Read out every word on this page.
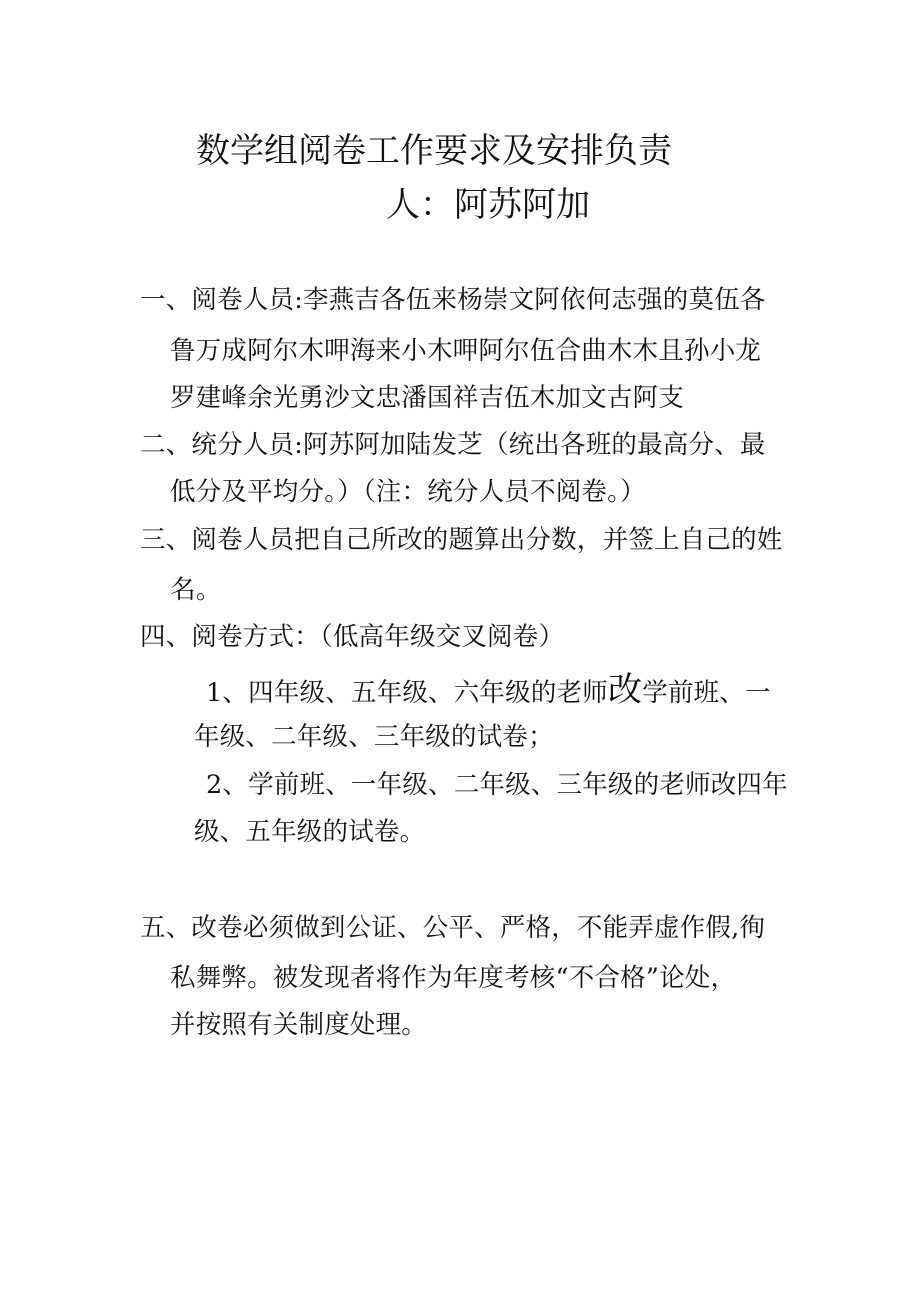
数学组阅卷工作要求及安排负责
人：阿苏阿加
一、阅卷人员:李燕吉各伍来杨崇文阿依何志强的莫伍各
鲁万成阿尔木呷海来小木呷阿尔伍合曲木木且孙小龙
罗建峰余光勇沙文忠潘国祥吉伍木加文古阿支
二、统分人员:阿苏阿加陆发芝（统出各班的最高分、最
低分及平均分。）（注：统分人员不阅卷。）
三、阅卷人员把自己所改的题算出分数，并签上自己的姓
名。
四、阅卷方式：（低高年级交叉阅卷）
1、四年级、五年级、六年级的老师改学前班、一
年级、二年级、三年级的试卷；
2、学前班、一年级、二年级、三年级的老师改四年
级、五年级的试卷。
五、改卷必须做到公证、公平、严格，不能弄虚作假,徇
私舞弊。被发现者将作为年度考核“不合格”论处，
并按照有关制度处理。
